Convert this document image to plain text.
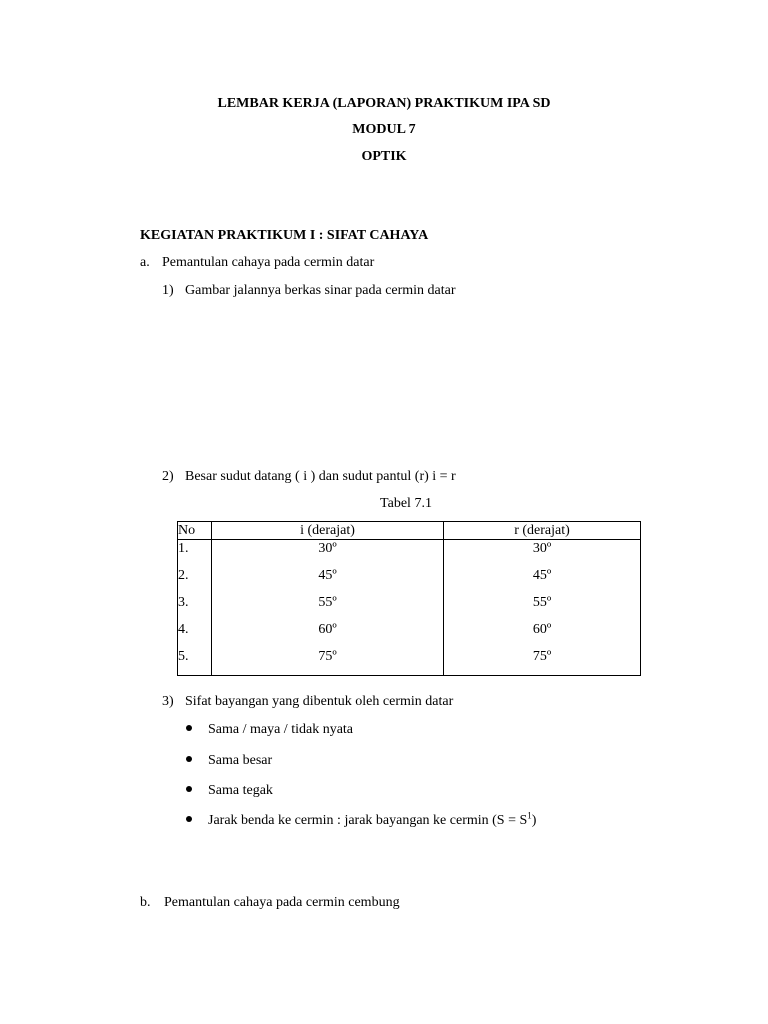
LEMBAR KERJA (LAPORAN) PRAKTIKUM IPA SD
MODUL 7
OPTIK
KEGIATAN PRAKTIKUM I : SIFAT CAHAYA
a. Pemantulan cahaya pada cermin datar
1) Gambar jalannya berkas sinar pada cermin datar
2) Besar sudut datang ( i ) dan sudut pantul (r) i = r
Tabel 7.1
No	i (derajat)	r (derajat)
1.	30º	30º
2.	45º	45º
3.	55º	55º
4.	60º	60º
5.	75º	75º
3) Sifat bayangan yang dibentuk oleh cermin datar
Sama / maya / tidak nyata
Sama besar
Sama tegak
Jarak benda ke cermin : jarak bayangan ke cermin $(S = S^1)$
b. Pemantulan cahaya pada cermin cembung
